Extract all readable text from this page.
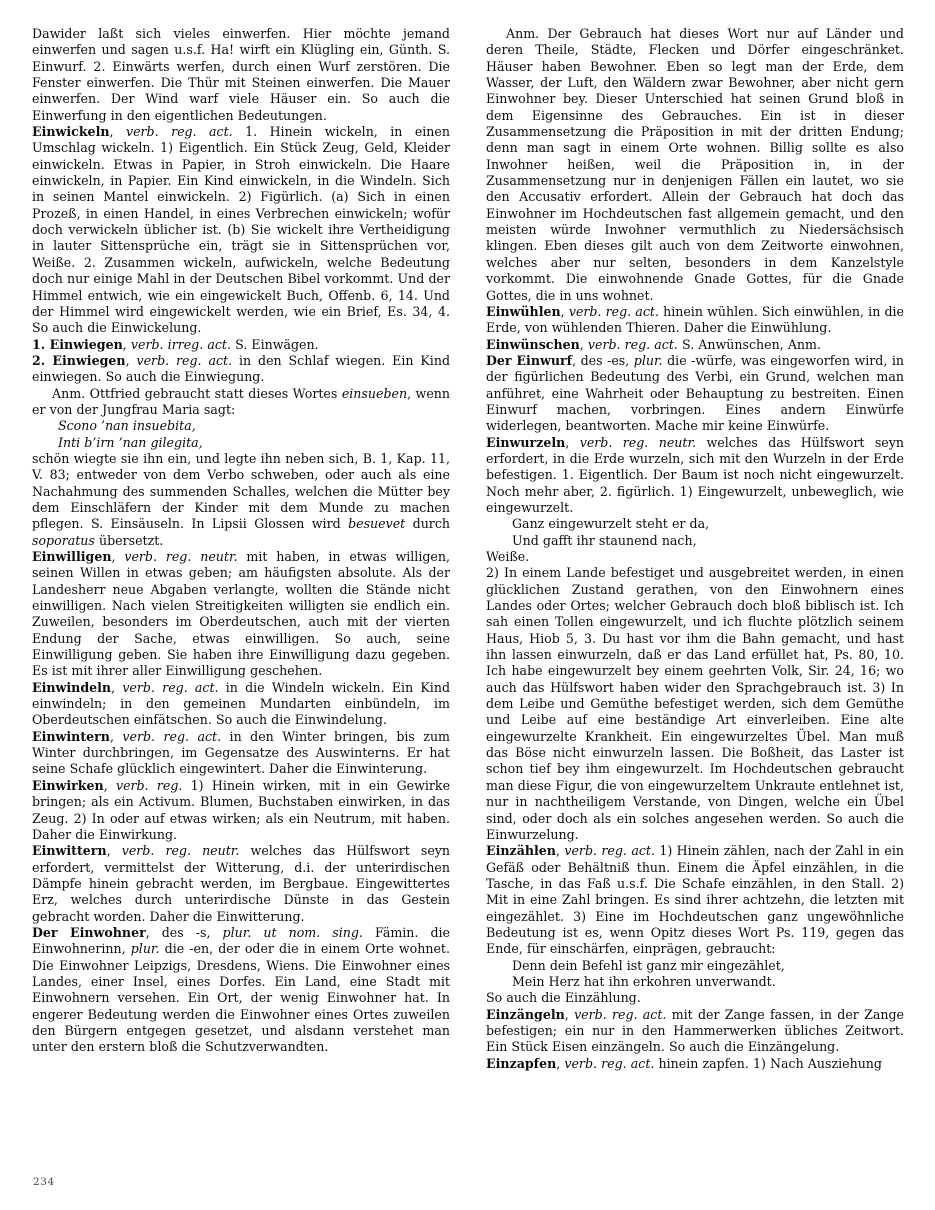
Dawider laßt sich vieles einwerfen. Hier möchte jemand einwerfen und sagen u.s.f. Ha! wirft ein Klügling ein, Günth. S. Einwurf. 2. Einwärts werfen, durch einen Wurf zerstören. Die Fenster einwerfen. Die Thür mit Steinen einwerfen. Die Mauer einwerfen. Der Wind warf viele Häuser ein. So auch die Einwerfung in den eigentlichen Bedeutungen.

Einwickeln, verb. reg. act. 1. Hinein wickeln, in einen Umschlag wickeln. 1) Eigentlich. Ein Stück Zeug, Geld, Kleider einwickeln. Etwas in Papier, in Stroh einwickeln. Die Haare einwickeln, in Papier. Ein Kind einwickeln, in die Windeln. Sich in seinen Mantel einwickeln. 2) Figürlich. (a) Sich in einen Prozeß, in einen Handel, in eines Verbrechen einwickeln; wofür doch verwickeln üblicher ist. (b) Sie wickelt ihre Vertheidigung in lauter Sittensprüche ein, trägt sie in Sittensprüchen vor, Weiße. 2. Zusammen wickeln, aufwickeln, welche Bedeutung doch nur einige Mahl in der Deutschen Bibel vorkommt. Und der Himmel entwich, wie ein eingewickelt Buch, Offenb. 6, 14. Und der Himmel wird eingewickelt werden, wie ein Brief, Es. 34, 4. So auch die Einwickelung.

1. Einwiegen, verb. irreg. act. S. Einwägen.

2. Einwiegen, verb. reg. act. in den Schlaf wiegen. Ein Kind einwiegen. So auch die Einwiegung.

Anm. Ottfried gebraucht statt dieses Wortes einsueben, wenn er von der Jungfrau Maria sagt:

Scono ’nan insuebita,

Inti b’irn ’nan gilegita,

schön wiegte sie ihn ein, und legte ihn neben sich, B. 1, Kap. 11, V. 83; entweder von dem Verbo schweben, oder auch als eine Nachahmung des summenden Schalles, welchen die Mütter bey dem Einschläfern der Kinder mit dem Munde zu machen pflegen. S. Einsäuseln. In Lipsii Glossen wird besuevet durch soporatus übersetzt.

Einwilligen, verb. reg. neutr. mit haben, in etwas willigen, seinen Willen in etwas geben; am häufigsten absolute. Als der Landesherr neue Abgaben verlangte, wollten die Stände nicht einwilligen. Nach vielen Streitigkeiten willigten sie endlich ein. Zuweilen, besonders im Oberdeutschen, auch mit der vierten Endung der Sache, etwas einwilligen. So auch, seine Einwilligung geben. Sie haben ihre Einwilligung dazu gegeben. Es ist mit ihrer aller Einwilligung geschehen.

Einwindeln, verb. reg. act. in die Windeln wickeln. Ein Kind einwindeln; in den gemeinen Mundarten einbündeln, im Oberdeutschen einfätschen. So auch die Einwindelung.

Einwintern, verb. reg. act. in den Winter bringen, bis zum Winter durchbringen, im Gegensatze des Auswinterns. Er hat seine Schafe glücklich eingewintert. Daher die Einwinterung.

Einwirken, verb. reg. 1) Hinein wirken, mit in ein Gewirke bringen; als ein Activum. Blumen, Buchstaben einwirken, in das Zeug. 2) In oder auf etwas wirken; als ein Neutrum, mit haben. Daher die Einwirkung.

Einwittern, verb. reg. neutr. welches das Hülfswort seyn erfordert, vermittelst der Witterung, d.i. der unterirdischen Dämpfe hinein gebracht werden, im Bergbaue. Eingewittertes Erz, welches durch unterirdische Dünste in das Gestein gebracht worden. Daher die Einwitterung.

Der Einwohner, des -s, plur. ut nom. sing. Fämin. die Einwohnerinn, plur. die -en, der oder die in einem Orte wohnet. Die Einwohner Leipzigs, Dresdens, Wiens. Die Einwohner eines Landes, einer Insel, eines Dorfes. Ein Land, eine Stadt mit Einwohnern versehen. Ein Ort, der wenig Einwohner hat. In engerer Bedeutung werden die Einwohner eines Ortes zuweilen den Bürgern entgegen gesetzet, und alsdann verstehet man unter den erstern bloß die Schutzverwandten.

Anm. Der Gebrauch hat dieses Wort nur auf Länder und deren Theile, Städte, Flecken und Dörfer eingeschränket. Häuser haben Bewohner. Eben so legt man der Erde, dem Wasser, der Luft, den Wäldern zwar Bewohner, aber nicht gern Einwohner bey. Dieser Unterschied hat seinen Grund bloß in dem Eigensinne des Gebrauches. Ein ist in dieser Zusammensetzung die Präposition in mit der dritten Endung; denn man sagt in einem Orte wohnen. Billig sollte es also Inwohner heißen, weil die Präposition in, in der Zusammensetzung nur in denjenigen Fällen ein lautet, wo sie den Accusativ erfordert. Allein der Gebrauch hat doch das Einwohner im Hochdeutschen fast allgemein gemacht, und den meisten würde Inwohner vermuthlich zu Niedersächsisch klingen. Eben dieses gilt auch von dem Zeitworte einwohnen, welches aber nur selten, besonders in dem Kanzelstyle vorkommt. Die einwohnende Gnade Gottes, für die Gnade Gottes, die in uns wohnet.

Einwühlen, verb. reg. act. hinein wühlen. Sich einwühlen, in die Erde, von wühlenden Thieren. Daher die Einwühlung.

Einwünschen, verb. reg. act. S. Anwünschen, Anm.

Der Einwurf, des -es, plur. die -würfe, was eingeworfen wird, in der figürlichen Bedeutung des Verbi, ein Grund, welchen man anführet, eine Wahrheit oder Behauptung zu bestreiten. Einen Einwurf machen, vorbringen. Eines andern Einwürfe widerlegen, beantworten. Mache mir keine Einwürfe.

Einwurzeln, verb. reg. neutr. welches das Hülfswort seyn erfordert, in die Erde wurzeln, sich mit den Wurzeln in der Erde befestigen. 1. Eigentlich. Der Baum ist noch nicht eingewurzelt. Noch mehr aber, 2. figürlich. 1) Eingewurzelt, unbeweglich, wie eingewurzelt.

Ganz eingewurzelt steht er da,

Und gafft ihr staunend nach,

Weiße.

2) In einem Lande befestiget und ausgebreitet werden, in einen glücklichen Zustand gerathen, von den Einwohnern eines Landes oder Ortes; welcher Gebrauch doch bloß biblisch ist. Ich sah einen Tollen eingewurzelt, und ich fluchte plötzlich seinem Haus, Hiob 5, 3. Du hast vor ihm die Bahn gemacht, und hast ihn lassen einwurzeln, daß er das Land erfüllet hat, Ps. 80, 10. Ich habe eingewurzelt bey einem geehrten Volk, Sir. 24, 16; wo auch das Hülfswort haben wider den Sprachgebrauch ist. 3) In dem Leibe und Gemüthe befestiget werden, sich dem Gemüthe und Leibe auf eine beständige Art einverleiben. Eine alte eingewurzelte Krankheit. Ein eingewurzeltes Übel. Man muß das Böse nicht einwurzeln lassen. Die Boßheit, das Laster ist schon tief bey ihm eingewurzelt. Im Hochdeutschen gebraucht man diese Figur, die von eingewurzeltem Unkraute entlehnet ist, nur in nachtheiligem Verstande, von Dingen, welche ein Übel sind, oder doch als ein solches angesehen werden. So auch die Einwurzelung.

Einzählen, verb. reg. act. 1) Hinein zählen, nach der Zahl in ein Gefäß oder Behältniß thun. Einem die Äpfel einzählen, in die Tasche, in das Faß u.s.f. Die Schafe einzählen, in den Stall. 2) Mit in eine Zahl bringen. Es sind ihrer achtzehn, die letzten mit eingezählet. 3) Eine im Hochdeutschen ganz ungewöhnliche Bedeutung ist es, wenn Opitz dieses Wort Ps. 119, gegen das Ende, für einschärfen, einprägen, gebraucht:

Denn dein Befehl ist ganz mir eingezählet,

Mein Herz hat ihn erkohren unverwandt.

So auch die Einzählung.

Einzängeln, verb. reg. act. mit der Zange fassen, in der Zange befestigen; ein nur in den Hammerwerken übliches Zeitwort. Ein Stück Eisen einzängeln. So auch die Einzängelung.

Einzapfen, verb. reg. act. hinein zapfen. 1) Nach Ausziehung

234
